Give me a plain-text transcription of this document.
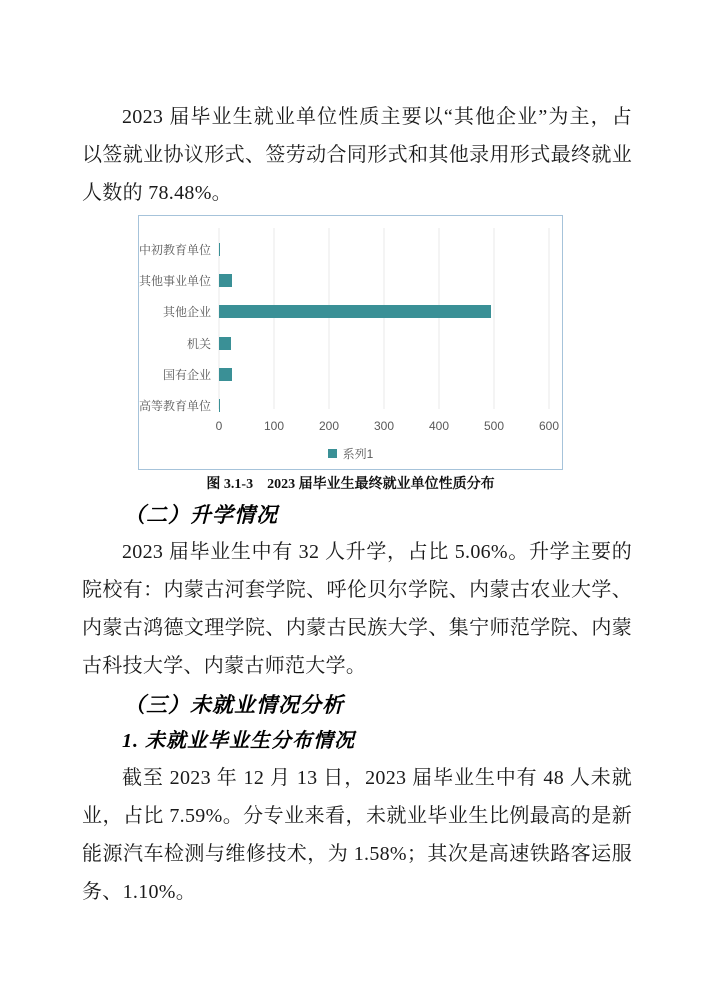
2023 届毕业生就业单位性质主要以“其他企业”为主，占以签就业协议形式、签劳动合同形式和其他录用形式最终就业人数的 78.48%。

中初教育单位
其他事业单位
其他企业
机关
国有企业
高等教育单位
0	100	200	300	400	500	600
系列1
图 3.1-3　2023 届毕业生最终就业单位性质分布
（二）升学情况

2023 届毕业生中有 32 人升学，占比 5.06%。升学主要的院校有：内蒙古河套学院、呼伦贝尔学院、内蒙古农业大学、内蒙古鸿德文理学院、内蒙古民族大学、集宁师范学院、内蒙古科技大学、内蒙古师范大学。

（三）未就业情况分析
1. 未就业毕业生分布情况

截至 2023 年 12 月 13 日，2023 届毕业生中有 48 人未就业，占比 7.59%。分专业来看，未就业毕业生比例最高的是新能源汽车检测与维修技术，为 1.58%；其次是高速铁路客运服务、1.10%。
